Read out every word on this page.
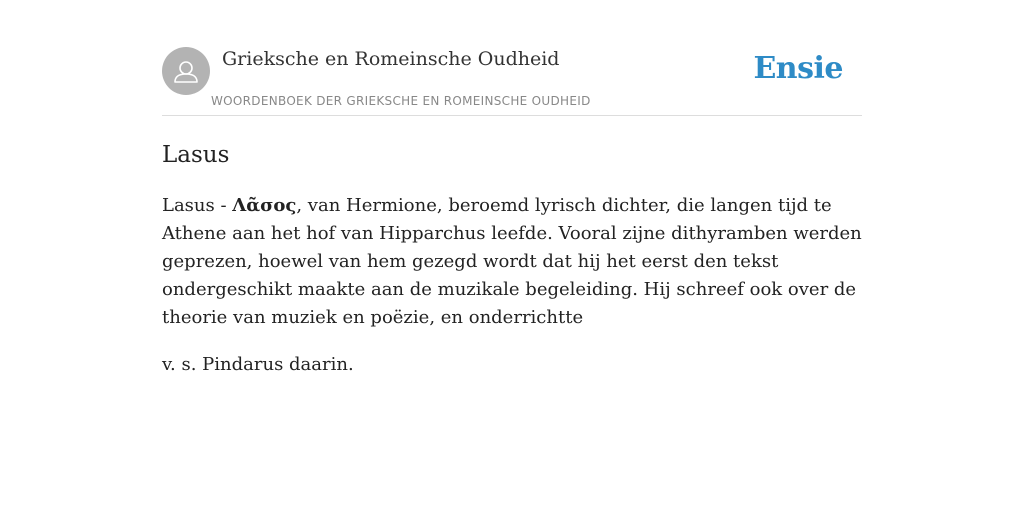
Grieksche en Romeinsche Oudheid
WOORDENBOEK DER GRIEKSCHE EN ROMEINSCHE OUDHEID
Ensie
Lasus

Lasus - Λᾶσος, van Hermione, beroemd lyrisch dichter, die langen tijd te Athene aan het hof van Hipparchus leefde. Vooral zijne dithyramben werden geprezen, hoewel van hem gezegd wordt dat hij het eerst den tekst ondergeschikt maakte aan de muzikale begeleiding. Hij schreef ook over de theorie van muziek en poëzie, en onderrichtte

v. s. Pindarus daarin.
